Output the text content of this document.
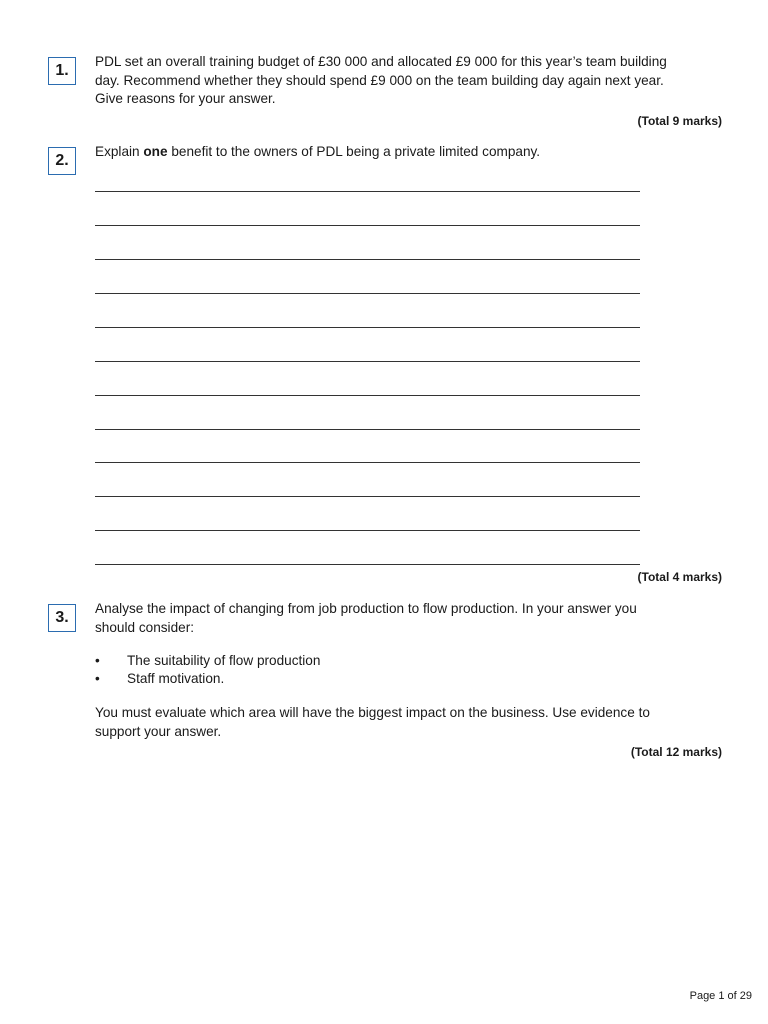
1.
PDL set an overall training budget of £30 000 and allocated £9 000 for this year’s team building day. Recommend whether they should spend £9 000 on the team building day again next year. Give reasons for your answer.
(Total 9 marks)
2.
Explain one benefit to the owners of PDL being a private limited company.
(Total 4 marks)
3.
Analyse the impact of changing from job production to flow production. In your answer you should consider:
• The suitability of flow production
• Staff motivation.
You must evaluate which area will have the biggest impact on the business. Use evidence to support your answer.
(Total 12 marks)
Page 1 of 29
